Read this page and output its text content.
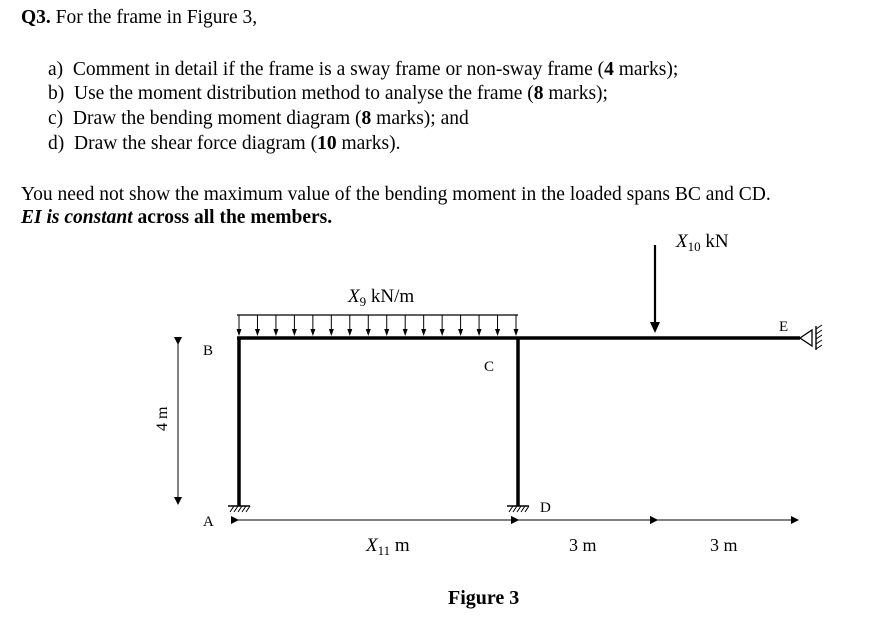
Q3. For the frame in Figure 3,
a) Comment in detail if the frame is a sway frame or non-sway frame (4 marks);
b) Use the moment distribution method to analyse the frame (8 marks);
c) Draw the bending moment diagram (8 marks); and
d) Draw the shear force diagram (10 marks).
You need not show the maximum value of the bending moment in the loaded spans BC and CD.
EI is constant across all the members.
$X_9$ kN/m
$X_{10}$ kN
A
B
C
D
E
4 m
$X_{11}$ m	3 m	3 m
Figure 3
